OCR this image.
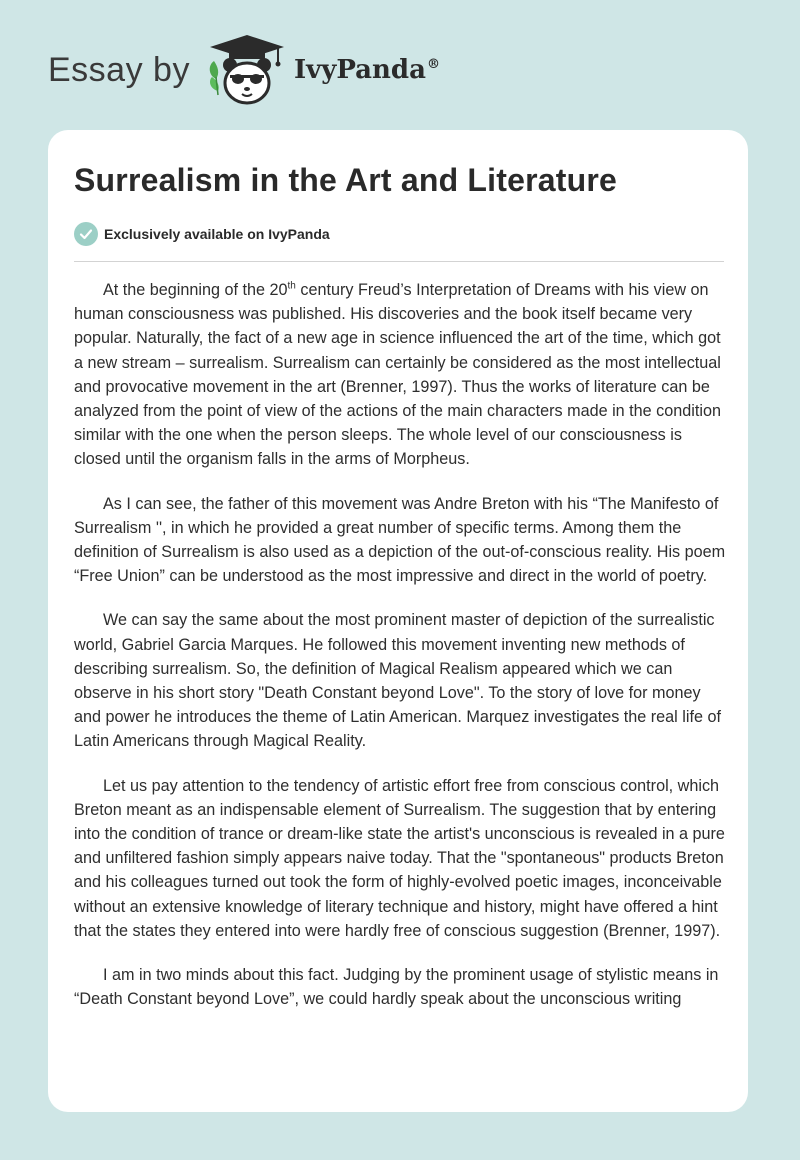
Essay by	IvyPanda®
Surrealism in the Art and Literature
Exclusively available on IvyPanda

At the beginning of the 20th century Freud’s Interpretation of Dreams with his view on human consciousness was published. His discoveries and the book itself became very popular. Naturally, the fact of a new age in science influenced the art of the time, which got a new stream – surrealism. Surrealism can certainly be considered as the most intellectual and provocative movement in the art (Brenner, 1997). Thus the works of literature can be analyzed from the point of view of the actions of the main characters made in the condition similar with the one when the person sleeps. The whole level of our consciousness is closed until the organism falls in the arms of Morpheus.

As I can see, the father of this movement was Andre Breton with his “The Manifesto of Surrealism '', in which he provided a great number of specific terms. Among them the definition of Surrealism is also used as a depiction of the out-of-conscious reality. His poem “Free Union” can be understood as the most impressive and direct in the world of poetry.

We can say the same about the most prominent master of depiction of the surrealistic world, Gabriel Garcia Marques. He followed this movement inventing new methods of describing surrealism. So, the definition of Magical Realism appeared which we can observe in his short story "Death Constant beyond Love". To the story of love for money and power he introduces the theme of Latin American. Marquez investigates the real life of Latin Americans through Magical Reality.

Let us pay attention to the tendency of artistic effort free from conscious control, which Breton meant as an indispensable element of Surrealism. The suggestion that by entering into the condition of trance or dream-like state the artist's unconscious is revealed in a pure and unfiltered fashion simply appears naive today. That the "spontaneous" products Breton and his colleagues turned out took the form of highly-evolved poetic images, inconceivable without an extensive knowledge of literary technique and history, might have offered a hint that the states they entered into were hardly free of conscious suggestion (Brenner, 1997).

I am in two minds about this fact. Judging by the prominent usage of stylistic means in “Death Constant beyond Love”, we could hardly speak about the unconscious writing
